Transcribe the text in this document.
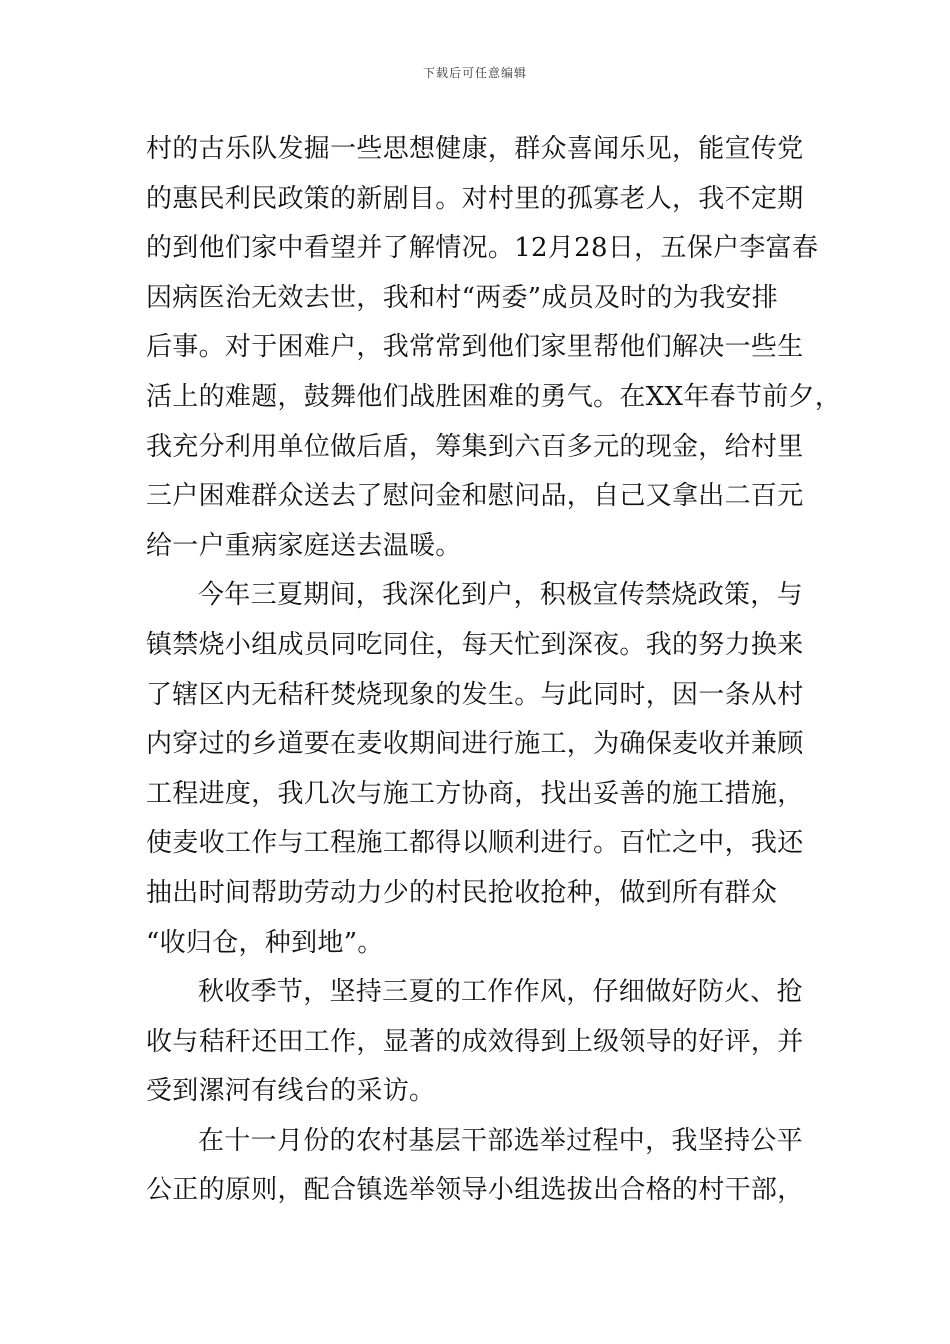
下载后可任意编辑
村的古乐队发掘一些思想健康，群众喜闻乐见，能宣传党
的惠民利民政策的新剧目。对村里的孤寡老人，我不定期
的到他们家中看望并了解情况。12月28日，五保户李富春
因病医治无效去世，我和村“两委”成员及时的为我安排
后事。对于困难户，我常常到他们家里帮他们解决一些生
活上的难题，鼓舞他们战胜困难的勇气。在XX年春节前夕，
我充分利用单位做后盾，筹集到六百多元的现金，给村里
三户困难群众送去了慰问金和慰问品，自己又拿出二百元
给一户重病家庭送去温暖。
今年三夏期间，我深化到户，积极宣传禁烧政策，与
镇禁烧小组成员同吃同住，每天忙到深夜。我的努力换来
了辖区内无秸秆焚烧现象的发生。与此同时，因一条从村
内穿过的乡道要在麦收期间进行施工，为确保麦收并兼顾
工程进度，我几次与施工方协商，找出妥善的施工措施，
使麦收工作与工程施工都得以顺利进行。百忙之中，我还
抽出时间帮助劳动力少的村民抢收抢种，做到所有群众
“收归仓，种到地”。
秋收季节，坚持三夏的工作作风，仔细做好防火、抢
收与秸秆还田工作，显著的成效得到上级领导的好评，并
受到漯河有线台的采访。
在十一月份的农村基层干部选举过程中，我坚持公平
公正的原则，配合镇选举领导小组选拔出合格的村干部，
